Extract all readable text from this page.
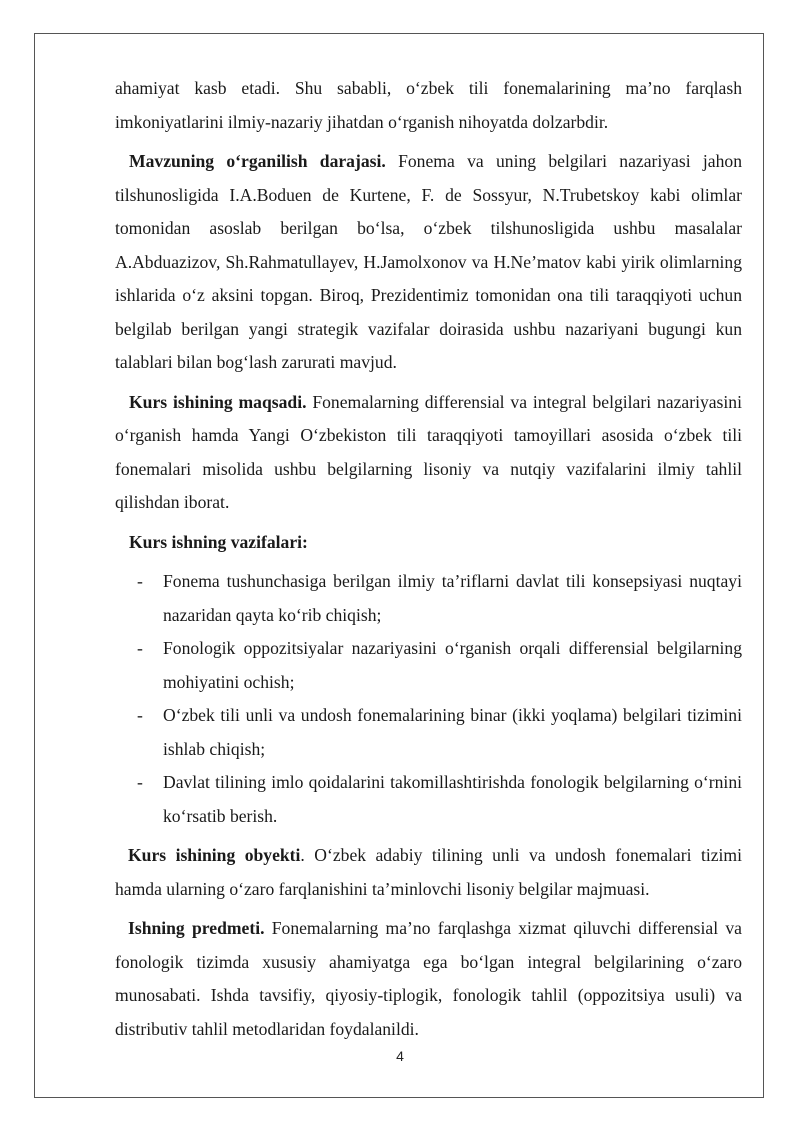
ahamiyat kasb etadi. Shu sababli, o‘zbek tili fonemalarining ma’no farqlash imkoniyatlarini ilmiy-nazariy jihatdan o‘rganish nihoyatda dolzarbdir.

Mavzuning o‘rganilish darajasi. Fonema va uning belgilari nazariyasi jahon tilshunosligida I.A.Boduen de Kurtene, F. de Sossyur, N.Trubetskoy kabi olimlar tomonidan asoslab berilgan bo‘lsa, o‘zbek tilshunosligida ushbu masalalar A.Abduazizov, Sh.Rahmatullayev, H.Jamolxonov va H.Ne’matov kabi yirik olimlarning ishlarida o‘z aksini topgan. Biroq, Prezidentimiz tomonidan ona tili taraqqiyoti uchun belgilab berilgan yangi strategik vazifalar doirasida ushbu nazariyani bugungi kun talablari bilan bog‘lash zarurati mavjud.

Kurs ishining maqsadi. Fonemalarning differensial va integral belgilari nazariyasini o‘rganish hamda Yangi O‘zbekiston tili taraqqiyoti tamoyillari asosida o‘zbek tili fonemalari misolida ushbu belgilarning lisoniy va nutqiy vazifalarini ilmiy tahlil qilishdan iborat.

Kurs ishning vazifalari:

- Fonema tushunchasiga berilgan ilmiy ta’riflarni davlat tili konsepsiyasi nuqtayi nazaridan qayta ko‘rib chiqish;
- Fonologik oppozitsiyalar nazariyasini o‘rganish orqali differensial belgilarning mohiyatini ochish;
- O‘zbek tili unli va undosh fonemalarining binar (ikki yoqlama) belgilari tizimini ishlab chiqish;
- Davlat tilining imlo qoidalarini takomillashtirishda fonologik belgilarning o‘rnini ko‘rsatib berish.

Kurs ishining obyekti. O‘zbek adabiy tilining unli va undosh fonemalari tizimi hamda ularning o‘zaro farqlanishini ta’minlovchi lisoniy belgilar majmuasi.

Ishning predmeti. Fonemalarning ma’no farqlashga xizmat qiluvchi differensial va fonologik tizimda xususiy ahamiyatga ega bo‘lgan integral belgilarining o‘zaro munosabati. Ishda tavsifiy, qiyosiy-tiplogik, fonologik tahlil (oppozitsiya usuli) va distributiv tahlil metodlaridan foydalanildi.

4
